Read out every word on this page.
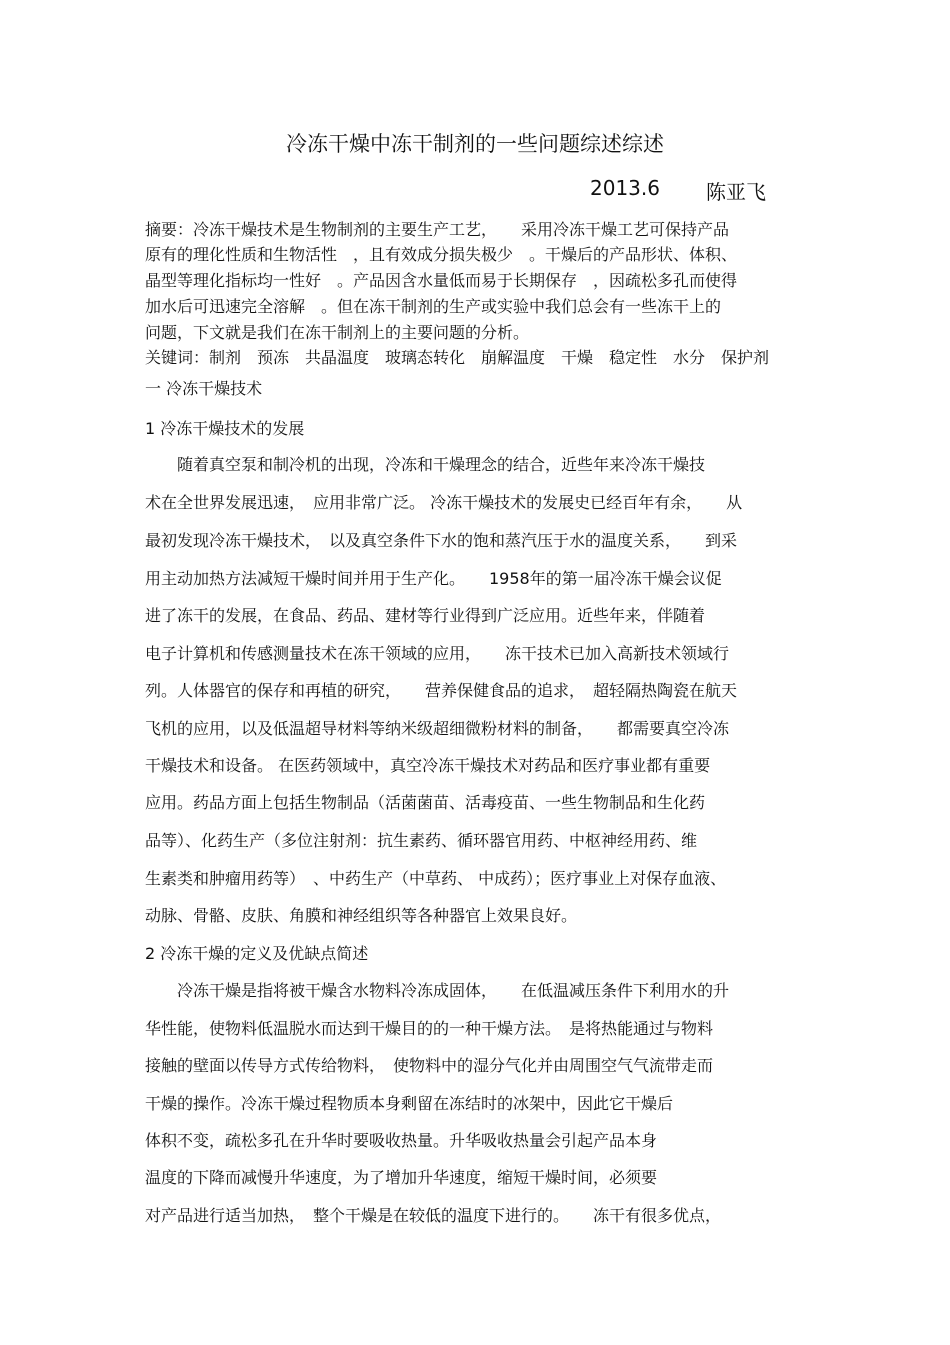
冷冻干燥中冻干制剂的一些问题综述综述
2013.6 陈亚飞
摘要：冷冻干燥技术是生物制剂的主要生产工艺，　　采用冷冻干燥工艺可保持产品
原有的理化性质和生物活性　，且有效成分损失极少　。干燥后的产品形状、体积、
晶型等理化指标均一性好　。产品因含水量低而易于长期保存　，因疏松多孔而使得
加水后可迅速完全溶解　。但在冻干制剂的生产或实验中我们总会有一些冻干上的
问题，下文就是我们在冻干制剂上的主要问题的分析。
关键词：制剂　预冻　共晶温度　玻璃态转化　崩解温度　干燥　稳定性　水分　保护剂
一 冷冻干燥技术
1 冷冻干燥技术的发展
　　随着真空泵和制冷机的出现，冷冻和干燥理念的结合，近些年来冷冻干燥技
术在全世界发展迅速，　应用非常广泛。 冷冻干燥技术的发展史已经百年有余，　　从
最初发现冷冻干燥技术，　以及真空条件下水的饱和蒸汽压于水的温度关系，　　到采
用主动加热方法减短干燥时间并用于生产化。　　1958年的第一届冷冻干燥会议促
进了冻干的发展，在食品、药品、建材等行业得到广泛应用。近些年来，伴随着
电子计算机和传感测量技术在冻干领域的应用，　　冻干技术已加入高新技术领域行
列。人体器官的保存和再植的研究，　　营养保健食品的追求，　超轻隔热陶瓷在航天
飞机的应用，以及低温超导材料等纳米级超细微粉材料的制备，　　都需要真空冷冻
干燥技术和设备。 在医药领域中，真空冷冻干燥技术对药品和医疗事业都有重要
应用。药品方面上包括生物制品（活菌菌苗、活毒疫苗、一些生物制品和生化药
品等）、化药生产（多位注射剂：抗生素药、循环器官用药、中枢神经用药、维
生素类和肿瘤用药等）　、中药生产（中草药、 中成药）；医疗事业上对保存血液、
动脉、骨骼、皮肤、角膜和神经组织等各种器官上效果良好。
2 冷冻干燥的定义及优缺点简述
　　冷冻干燥是指将被干燥含水物料冷冻成固体，　　在低温减压条件下利用水的升
华性能，使物料低温脱水而达到干燥目的的一种干燥方法。　是将热能通过与物料
接触的壁面以传导方式传给物料，　使物料中的湿分气化并由周围空气气流带走而
干燥的操作。冷冻干燥过程物质本身剩留在冻结时的冰架中，因此它干燥后
体积不变，疏松多孔在升华时要吸收热量。升华吸收热量会引起产品本身
温度的下降而减慢升华速度，为了增加升华速度，缩短干燥时间，必须要
对产品进行适当加热，　整个干燥是在较低的温度下进行的。　　冻干有很多优点，
